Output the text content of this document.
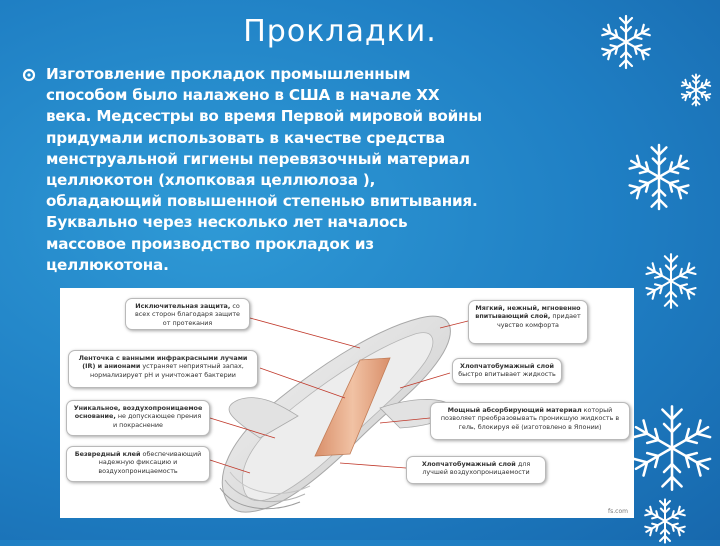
Прокладки.
Изготовление прокладок промышленным способом было налажено в США в начале XX века. Медсестры во время Первой мировой войны придумали использовать в качестве средства менструальной гигиены перевязочный материал целлюкотон (хлопковая целлюлоза ), обладающий повышенной степенью впитывания. Буквально через несколько лет началось массовое производство прокладок из целлюкотона.
Исключительная защита, со всех сторон благодаря защите от протекания
Мягкий, нежный, мгновенно впитывающий слой, придает чувство комфорта
Ленточка с ванными инфракрасными лучами (IR) и анионами устраняет неприятный запах, нормализирует pH и уничтожает бактерии
Хлопчатобумажный слой быстро впитывает жидкость
Уникальное, воздухопроницаемое основание, не допускающее прения и покраснение
Мощный абсорбирующий материал который позволяет преобразовывать проникшую жидкость в гель, блокируя её (изготовлено в Японии)
Безвредный клей обеспечивающий надежную фиксацию и воздухопроницаемость
Хлопчатобумажный слой для лучшей воздухопроницаемости
fs.com
